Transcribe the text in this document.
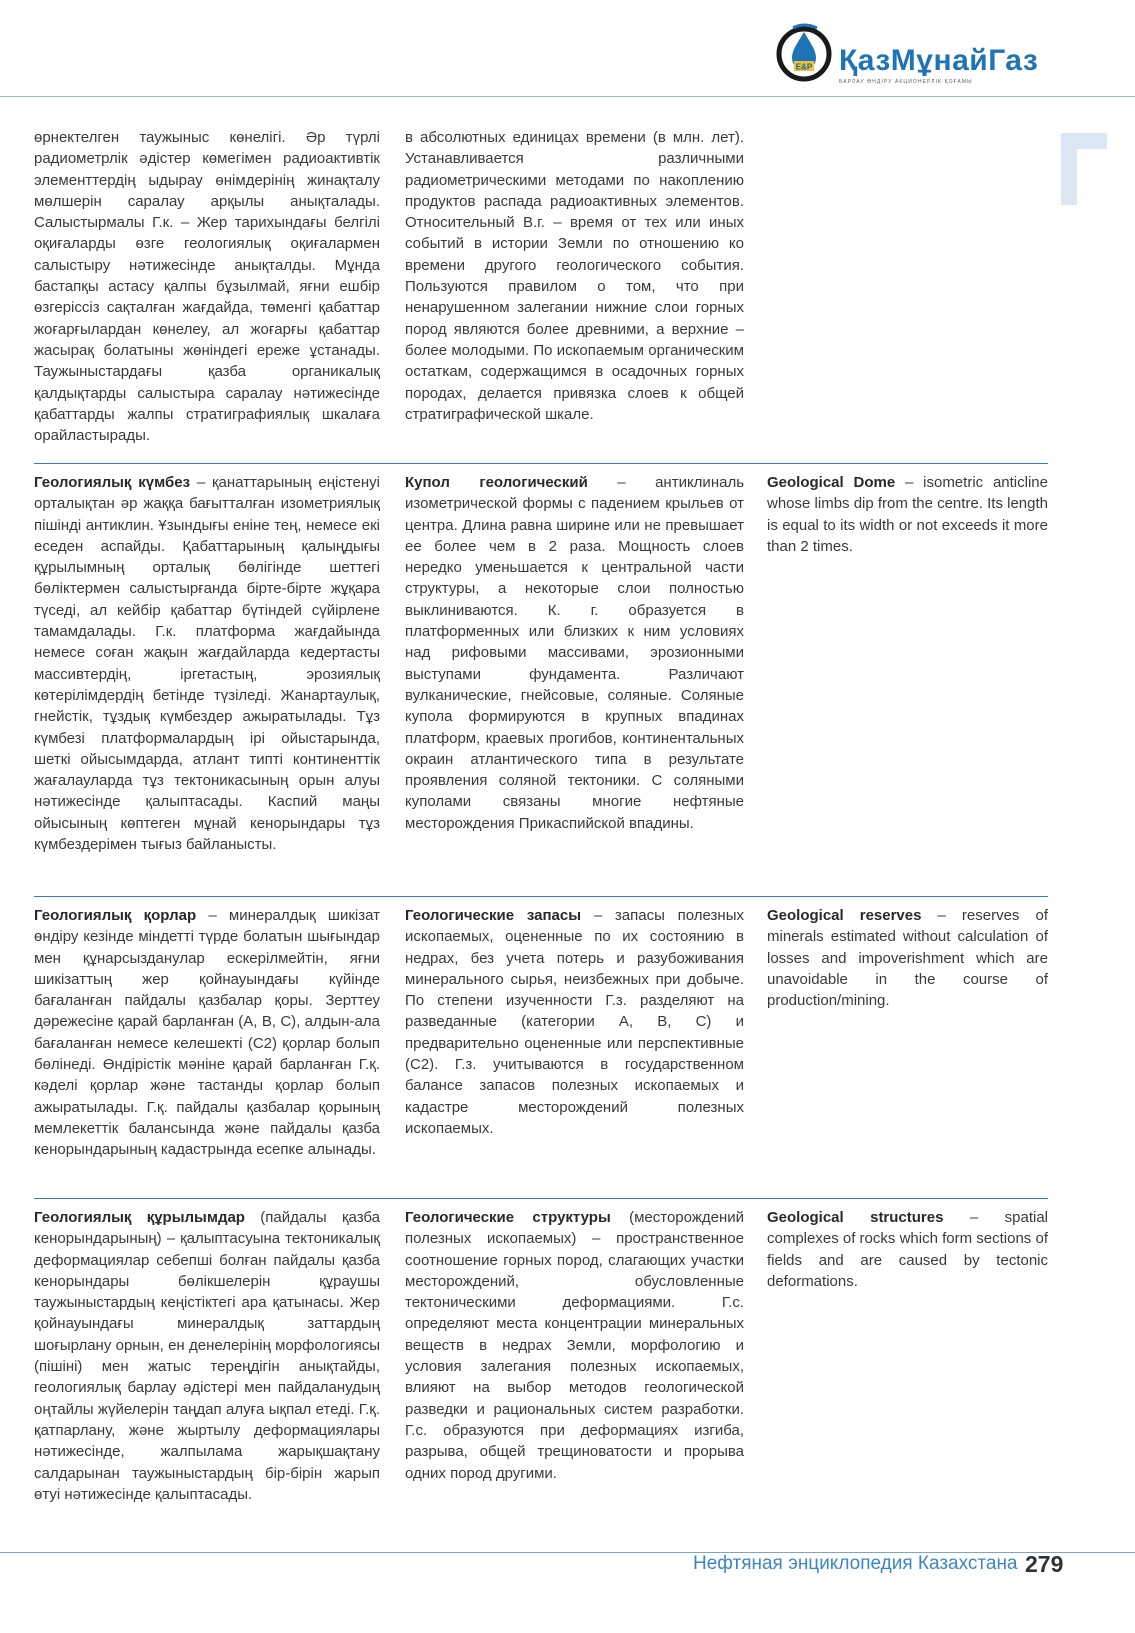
E&P ҚазМұнайГаз
БАРЛАУ ӨНДІРУ АКЦИОНЕРЛІК ҚОҒАМЫ
өрнектелген таужыныс көнелігі. Әр түрлі радиометрлік әдістер көмегімен радиоактивтік элементтердің ыдырау өнімдерінің жинақталу мөлшерін саралау арқылы анықталады. Салыстырмалы Г.к. – Жер тарихындағы белгілі оқиғаларды өзге геологиялық оқиғалармен салыстыру нәтижесінде анықталды. Мұнда бастапқы астасу қалпы бұзылмай, яғни ешбір өзгеріссіз сақталған жағдайда, төменгі қабаттар жоғарғылардан көнелеу, ал жоғарғы қабаттар жасырақ болатыны жөніндегі ереже ұстанады. Таужыныстардағы қазба органикалық қалдықтарды салыстыра саралау нәтижесінде қабаттарды жалпы стратиграфиялық шкалаға орайластырады.
в абсолютных единицах времени (в млн. лет). Устанавливается различными радиометрическими методами по накоплению продуктов распада радиоактивных элементов. Относительный В.г. – время от тех или иных событий в истории Земли по отношению ко времени другого геологического события. Пользуются правилом о том, что при ненарушенном залегании нижние слои горных пород являются более древними, а верхние – более молодыми. По ископаемым органическим остаткам, содержащимся в осадочных горных породах, делается привязка слоев к общей стратиграфической шкале.
Геологиялық күмбез – қанаттарының еңістенуі орталықтан әр жаққа бағытталған изометриялық пішінді антиклин. Ұзындығы еніне тең, немесе екі еседен аспайды. Қабаттарының қалыңдығы құрылымның орталық бөлігінде шеттегі бөліктермен салыстырғанда бірте-бірте жұқара түседі, ал кейбір қабаттар бүтіндей сүйірлене тамамдалады. Г.к. платформа жағдайында немесе соған жақын жағдайларда кедертасты массивтердің, іргетастың, эрозиялық көтерілімдердің бетінде түзіледі. Жанартаулық, гнейстік, тұздық күмбездер ажыратылады. Тұз күмбезі платформалардың ірі ойыстарында, шеткі ойысымдарда, атлант типті континенттік жағалауларда тұз тектоникасының орын алуы нәтижесінде қалыптасады. Каспий маңы ойысының көптеген мұнай кенорындары тұз күмбездерімен тығыз байланысты.
Купол геологический – антиклиналь изометрической формы с падением крыльев от центра. Длина равна ширине или не превышает ее более чем в 2 раза. Мощность слоев нередко уменьшается к центральной части структуры, а некоторые слои полностью выклиниваются. К. г. образуется в платформенных или близких к ним условиях над рифовыми массивами, эрозионными выступами фундамента. Различают вулканические, гнейсовые, соляные. Соляные купола формируются в крупных впадинах платформ, краевых прогибов, континентальных окраин атлантического типа в результате проявления соляной тектоники. С соляными куполами связаны многие нефтяные месторождения Прикаспийской впадины.
Geological Dome – isometric anticline whose limbs dip from the centre. Its length is equal to its width or not exceeds it more than 2 times.
Геологиялық қорлар – минералдық шикізат өндіру кезінде міндетті түрде болатын шығындар мен құнарсызданулар ескерілмейтін, яғни шикізаттың жер қойнауындағы күйінде бағаланған пайдалы қазбалар қоры. Зерттеу дәрежесіне қарай барланған (А, В, С), алдын-ала бағаланған немесе келешекті (С2) қорлар болып бөлінеді. Өндірістік мәніне қарай барланған Г.қ. кәделі қорлар және тастанды қорлар болып ажыратылады. Г.қ. пайдалы қазбалар қорының мемлекеттік балансында және пайдалы қазба кенорындарының кадастрында есепке алынады.
Геологические запасы – запасы полезных ископаемых, оцененные по их состоянию в недрах, без учета потерь и разубоживания минерального сырья, неизбежных при добыче. По степени изученности Г.з. разделяют на разведанные (категории А, В, С) и предварительно оцененные или перспективные (С2). Г.з. учитываются в государственном балансе запасов полезных ископаемых и кадастре месторождений полезных ископаемых.
Geological reserves – reserves of minerals estimated without calculation of losses and impoverishment which are unavoidable in the course of production/mining.
Геологиялық құрылымдар (пайдалы қазба кенорындарының) – қалыптасуына тектоникалық деформациялар себепші болған пайдалы қазба кенорындары бөлікшелерін құраушы таужыныстардың кеңістіктегі ара қатынасы. Жер қойнауындағы минералдық заттардың шоғырлану орнын, ен денелерінің морфологиясы (пішіні) мен жатыс тереңдігін анықтайды, геологиялық барлау әдістері мен пайдаланудың оңтайлы жүйелерін таңдап алуға ықпал етеді. Г.қ. қатпарлану, және жыртылу деформациялары нәтижесінде, жалпылама жарықшақтану салдарынан таужыныстардың бір-бірін жарып өтуі нәтижесінде қалыптасады.
Геологические структуры (месторождений полезных ископаемых) – пространственное соотношение горных пород, слагающих участки месторождений, обусловленные тектоническими деформациями. Г.с. определяют места концентрации минеральных веществ в недрах Земли, морфологию и условия залегания полезных ископаемых, влияют на выбор методов геологической разведки и рациональных систем разработки. Г.с. образуются при деформациях изгиба, разрыва, общей трещиноватости и прорыва одних пород другими.
Geological structures – spatial complexes of rocks which form sections of fields and are caused by tectonic deformations.
Нефтяная энциклопедия Казахстана 279
